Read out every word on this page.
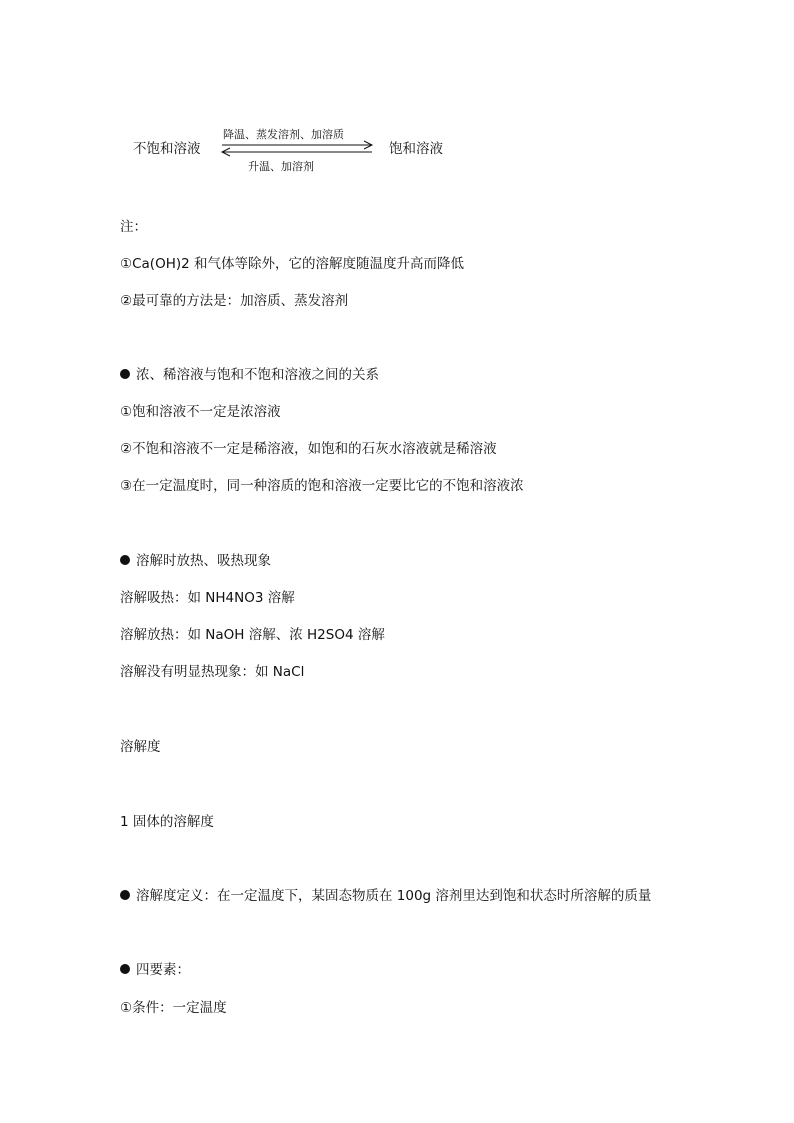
不饱和溶液
降温、蒸发溶剂、加溶质
升温、加溶剂
饱和溶液
注：
①Ca(OH)2 和气体等除外，它的溶解度随温度升高而降低
②最可靠的方法是：加溶质、蒸发溶剂
浓、稀溶液与饱和不饱和溶液之间的关系
①饱和溶液不一定是浓溶液
②不饱和溶液不一定是稀溶液，如饱和的石灰水溶液就是稀溶液
③在一定温度时，同一种溶质的饱和溶液一定要比它的不饱和溶液浓
溶解时放热、吸热现象
溶解吸热：如 NH4NO3 溶解
溶解放热：如 NaOH 溶解、浓 H2SO4 溶解
溶解没有明显热现象：如 NaCl
溶解度
1 固体的溶解度
溶解度定义：在一定温度下，某固态物质在 100g 溶剂里达到饱和状态时所溶解的质量
四要素：
①条件：一定温度
